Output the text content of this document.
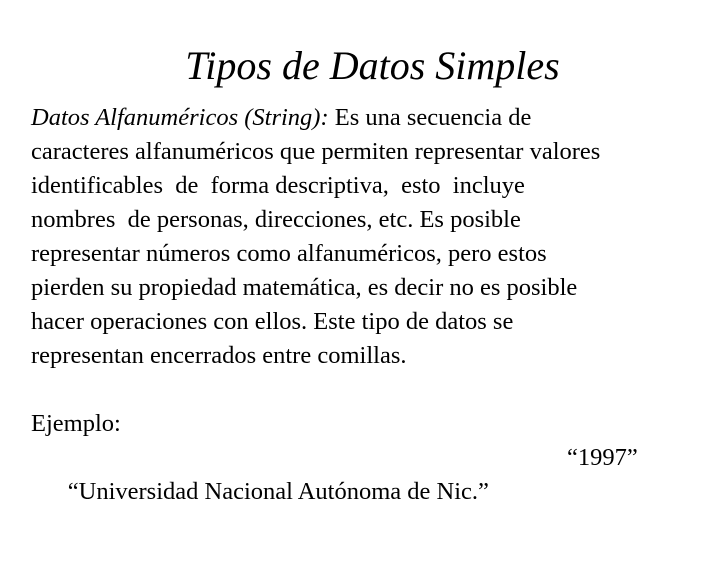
Tipos de Datos Simples
Datos Alfanuméricos (String): Es una secuencia de
caracteres alfanuméricos que permiten representar valores
identificables  de  forma descriptiva,  esto  incluye
nombres  de personas, direcciones, etc. Es posible
representar números como alfanuméricos, pero estos
pierden su propiedad matemática, es decir no es posible
hacer operaciones con ellos. Este tipo de datos se
representan encerrados entre comillas.
Ejemplo:

“Universidad Nacional Autónoma de Nic.”

“1997”
